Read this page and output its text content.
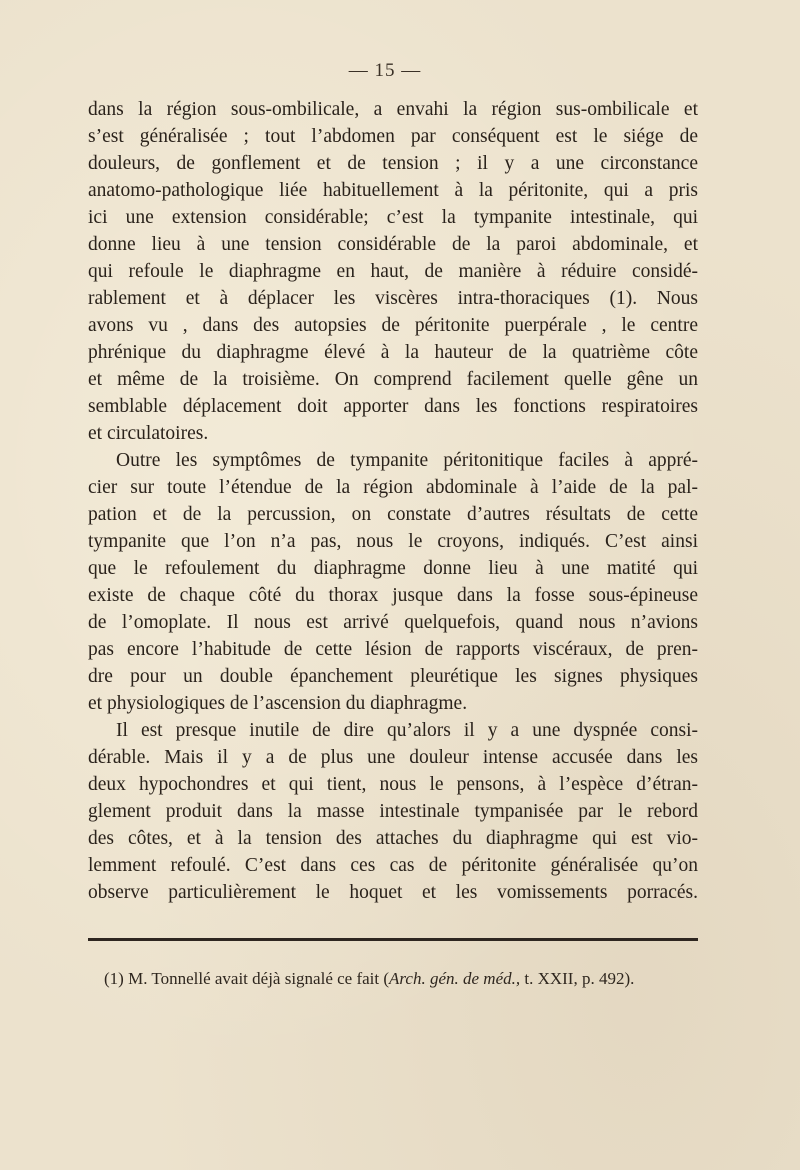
— 15 —
dans la région sous-ombilicale, a envahi la région sus-ombilicale et
s’est généralisée ; tout l’abdomen par conséquent est le siége de
douleurs, de gonflement et de tension ; il y a une circonstance
anatomo-pathologique liée habituellement à la péritonite, qui a pris
ici une extension considérable; c’est la tympanite intestinale, qui
donne lieu à une tension considérable de la paroi abdominale, et
qui refoule le diaphragme en haut, de manière à réduire considé-
rablement et à déplacer les viscères intra-thoraciques (1). Nous
avons vu , dans des autopsies de péritonite puerpérale , le centre
phrénique du diaphragme élevé à la hauteur de la quatrième côte
et même de la troisième. On comprend facilement quelle gêne un
semblable déplacement doit apporter dans les fonctions respiratoires
et circulatoires.
Outre les symptômes de tympanite péritonitique faciles à appré-
cier sur toute l’étendue de la région abdominale à l’aide de la pal-
pation et de la percussion, on constate d’autres résultats de cette
tympanite que l’on n’a pas, nous le croyons, indiqués. C’est ainsi
que le refoulement du diaphragme donne lieu à une matité qui
existe de chaque côté du thorax jusque dans la fosse sous-épineuse
de l’omoplate. Il nous est arrivé quelquefois, quand nous n’avions
pas encore l’habitude de cette lésion de rapports viscéraux, de pren-
dre pour un double épanchement pleurétique les signes physiques
et physiologiques de l’ascension du diaphragme.
Il est presque inutile de dire qu’alors il y a une dyspnée consi-
dérable. Mais il y a de plus une douleur intense accusée dans les
deux hypochondres et qui tient, nous le pensons, à l’espèce d’étran-
glement produit dans la masse intestinale tympanisée par le rebord
des côtes, et à la tension des attaches du diaphragme qui est vio-
lemment refoulé. C’est dans ces cas de péritonite généralisée qu’on
observe particulièrement le hoquet et les vomissements porracés.
(1) M. Tonnellé avait déjà signalé ce fait (Arch. gén. de méd., t. XXII, p. 492).
